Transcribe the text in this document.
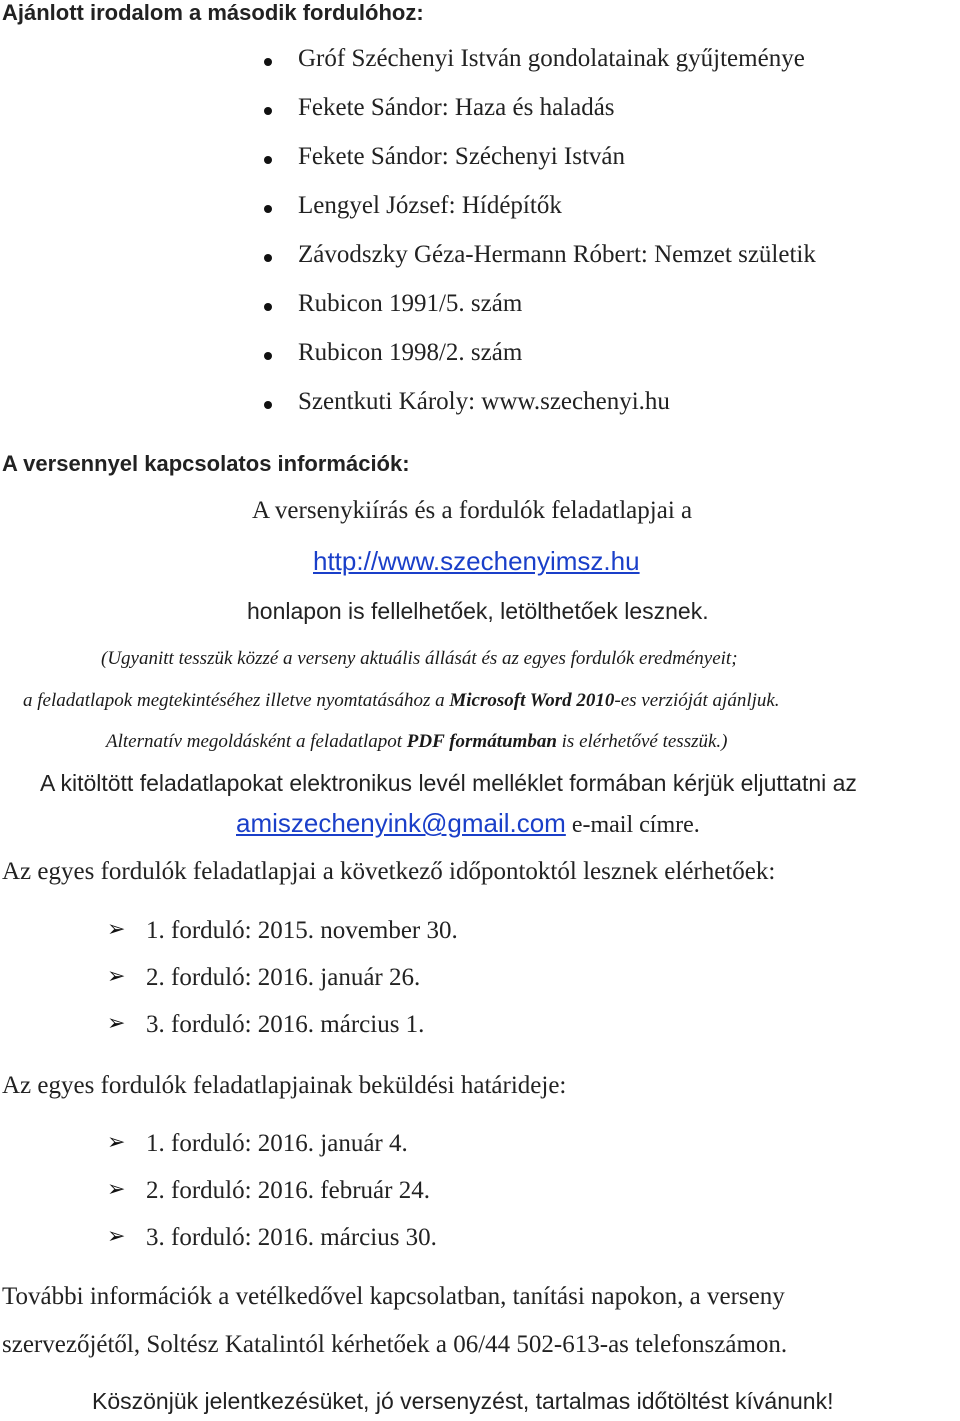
Ajánlott irodalom a második fordulóhoz:
Gróf Széchenyi István gondolatainak gyűjteménye
Fekete Sándor: Haza és haladás
Fekete Sándor: Széchenyi István
Lengyel József: Hídépítők
Závodszky Géza-Hermann Róbert: Nemzet születik
Rubicon 1991/5. szám
Rubicon 1998/2. szám
Szentkuti Károly: www.szechenyi.hu
A versennyel kapcsolatos információk:
A versenykiírás és a fordulók feladatlapjai a
http://www.szechenyimsz.hu
honlapon is fellelhetőek, letölthetőek lesznek.
(Ugyanitt tesszük közzé a verseny aktuális állását és az egyes fordulók eredményeit;
a feladatlapok megtekintéséhez illetve nyomtatásához a Microsoft Word 2010-es verzióját ajánljuk.
Alternatív megoldásként a feladatlapot PDF formátumban is elérhetővé tesszük.)
A kitöltött feladatlapokat elektronikus levél melléklet formában kérjük eljuttatni az
amiszechenyink@gmail.com e-mail címre.
Az egyes fordulók feladatlapjai a következő időpontoktól lesznek elérhetőek:
➢ 1. forduló: 2015. november 30.
➢ 2. forduló: 2016. január 26.
➢ 3. forduló: 2016. március 1.
Az egyes fordulók feladatlapjainak beküldési határideje:
➢ 1. forduló: 2016. január 4.
➢ 2. forduló: 2016. február 24.
➢ 3. forduló: 2016. március 30.
További információk a vetélkedővel kapcsolatban, tanítási napokon, a verseny
szervezőjétől, Soltész Katalintól kérhetőek a 06/44 502-613-as telefonszámon.
Köszönjük jelentkezésüket, jó versenyzést, tartalmas időtöltést kívánunk!
